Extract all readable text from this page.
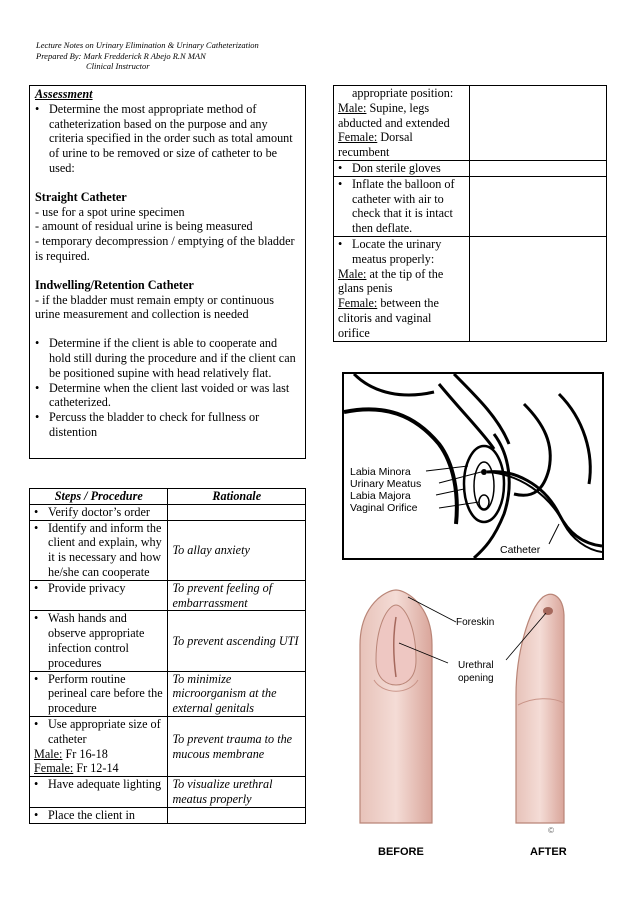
Lecture Notes on Urinary Elimination & Urinary Catheterization
Prepared By: Mark Fredderick R Abejo R.N MAN
Clinical Instructor
Assessment
• Determine the most appropriate method of catheterization based on the purpose and any criteria specified in the order such as total amount of urine to be removed or size of catheter to be used:
Straight Catheter
- use for a spot urine specimen
- amount of residual urine is being measured
- temporary decompression / emptying of the bladder is required.
Indwelling/Retention Catheter
- if the bladder must remain empty or continuous urine measurement and collection is needed
• Determine if the client is able to cooperate and hold still during the procedure and if the client can be positioned supine with head relatively flat.
• Determine when the client last voided or was last catheterized.
• Percuss the bladder to check for fullness or distention
Steps / Procedure	Rationale

• Verify doctor’s order

• Identify and inform the client and explain, why it is necessary and how he/she can cooperate	To allay anxiety

• Provide privacy	To prevent feeling of embarrassment

• Wash hands and observe appropriate infection control procedures	To prevent ascending UTI

• Perform routine perineal care before the procedure	To minimize microorganism at the external genitals

• Use appropriate size of catheter
Male: Fr 16-18
Female: Fr 12-14	To prevent trauma to the mucous membrane

• Have adequate lighting	To visualize urethral meatus properly

• Place the client in

appropriate position:
Male: Supine, legs abducted and extended
Female: Dorsal recumbent	

• Don sterile gloves

• Inflate the balloon of catheter with air to check that it is intact then deflate.

• Locate the urinary meatus properly:
Male: at the tip of the glans penis
Female: between the clitoris and vaginal orifice

Labia Minora
Urinary Meatus
Labia Majora
Vaginal Orifice
Catheter
Foreskin
Urethral
opening
©
BEFORE	AFTER
